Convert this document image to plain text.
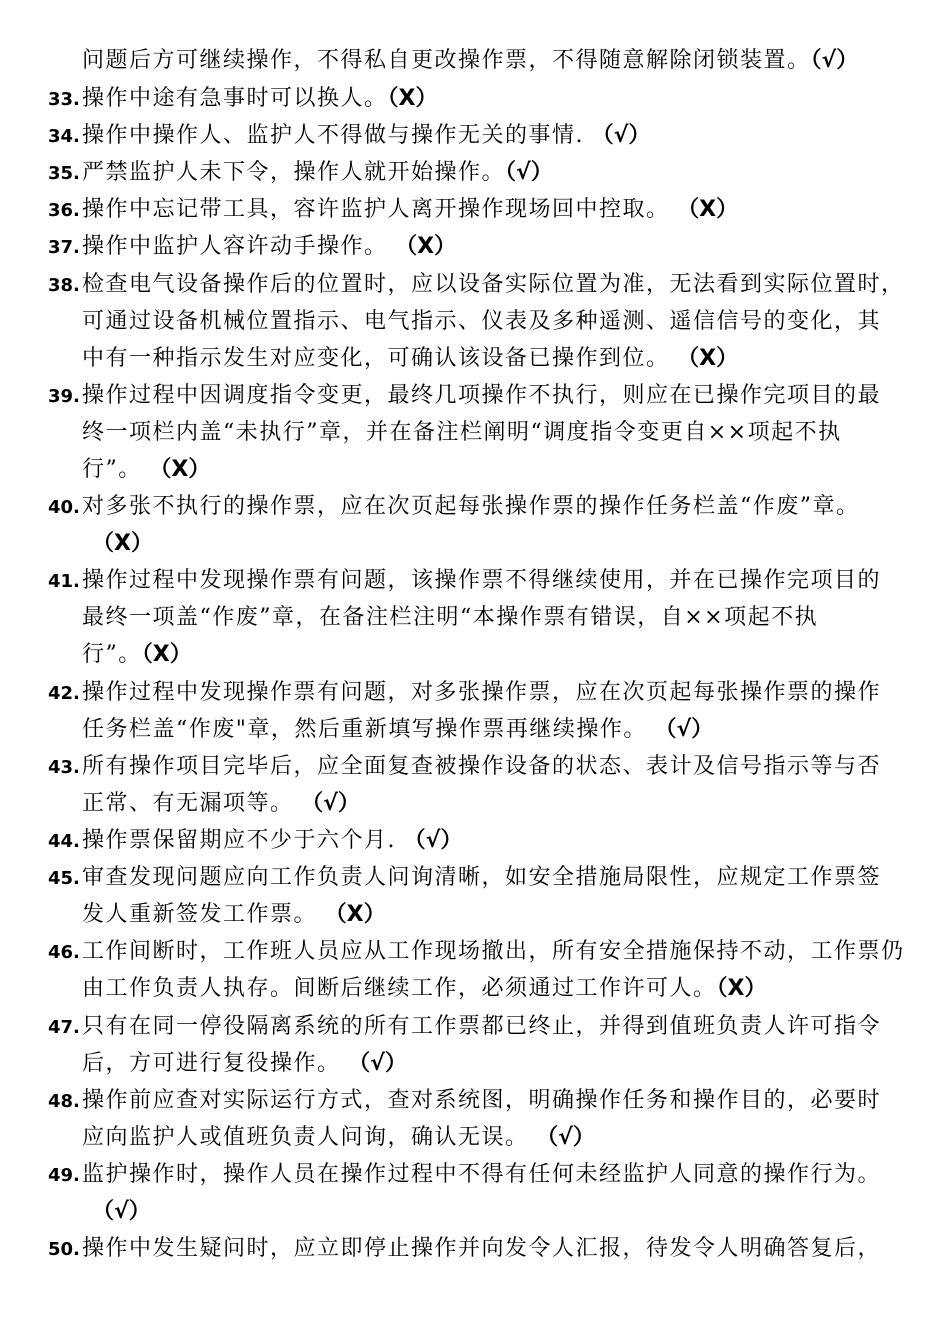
问题后方可继续操作，不得私自更改操作票，不得随意解除闭锁装置。（√）
33.操作中途有急事时可以换人。（X）
34.操作中操作人、监护人不得做与操作无关的事情. （√）
35.严禁监护人未下令，操作人就开始操作。（√）
36.操作中忘记带工具，容许监护人离开操作现场回中控取。 （X）
37.操作中监护人容许动手操作。 （X）
38.检查电气设备操作后的位置时，应以设备实际位置为准，无法看到实际位置时，
可通过设备机械位置指示、电气指示、仪表及多种遥测、遥信信号的变化，其
中有一种指示发生对应变化，可确认该设备已操作到位。 （X）
39.操作过程中因调度指令变更，最终几项操作不执行，则应在已操作完项目的最
终一项栏内盖“未执行”章，并在备注栏阐明“调度指令变更自××项起不执
行”。 （X）
40.对多张不执行的操作票，应在次页起每张操作票的操作任务栏盖“作废”章。
（X）
41.操作过程中发现操作票有问题，该操作票不得继续使用，并在已操作完项目的
最终一项盖“作废”章，在备注栏注明“本操作票有错误，自××项起不执
行”。（X）
42.操作过程中发现操作票有问题，对多张操作票，应在次页起每张操作票的操作
任务栏盖“作废"章，然后重新填写操作票再继续操作。 （√）
43.所有操作项目完毕后，应全面复查被操作设备的状态、表计及信号指示等与否
正常、有无漏项等。 （√）
44.操作票保留期应不少于六个月. （√）
45.审查发现问题应向工作负责人问询清晰，如安全措施局限性，应规定工作票签
发人重新签发工作票。 （X）
46.工作间断时，工作班人员应从工作现场撤出，所有安全措施保持不动，工作票仍
由工作负责人执存。间断后继续工作，必须通过工作许可人。（X）
47.只有在同一停役隔离系统的所有工作票都已终止，并得到值班负责人许可指令
后，方可进行复役操作。 （√）
48.操作前应查对实际运行方式，查对系统图，明确操作任务和操作目的，必要时
应向监护人或值班负责人问询，确认无误。 （√）
49.监护操作时，操作人员在操作过程中不得有任何未经监护人同意的操作行为。
（√）
50.操作中发生疑问时，应立即停止操作并向发令人汇报，待发令人明确答复后，
